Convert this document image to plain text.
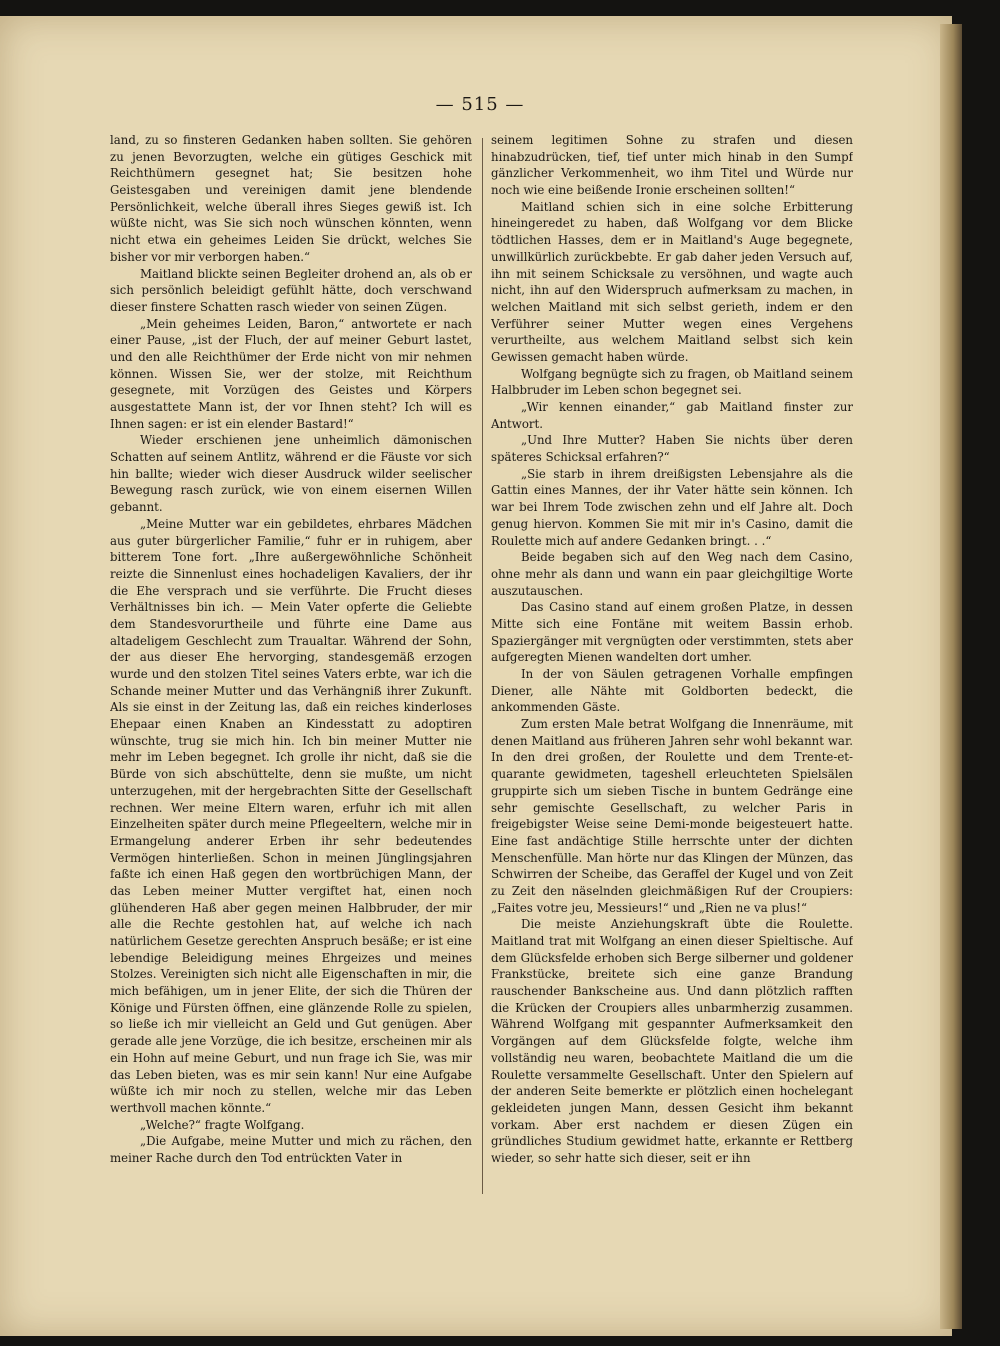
— 515 —

land, zu so finsteren Gedanken haben sollten. Sie gehören zu jenen Bevorzugten, welche ein gütiges Geschick mit Reichthümern gesegnet hat; Sie besitzen hohe Geistesgaben und vereinigen damit jene blendende Persönlichkeit, welche überall ihres Sieges gewiß ist. Ich wüßte nicht, was Sie sich noch wünschen könnten, wenn nicht etwa ein geheimes Leiden Sie drückt, welches Sie bisher vor mir verborgen haben.“

Maitland blickte seinen Begleiter drohend an, als ob er sich persönlich beleidigt gefühlt hätte, doch verschwand dieser finstere Schatten rasch wieder von seinen Zügen.

„Mein geheimes Leiden, Baron,“ antwortete er nach einer Pause, „ist der Fluch, der auf meiner Geburt lastet, und den alle Reichthümer der Erde nicht von mir nehmen können. Wissen Sie, wer der stolze, mit Reichthum gesegnete, mit Vorzügen des Geistes und Körpers ausgestattete Mann ist, der vor Ihnen steht? Ich will es Ihnen sagen: er ist ein elender Bastard!“

Wieder erschienen jene unheimlich dämonischen Schatten auf seinem Antlitz, während er die Fäuste vor sich hin ballte; wieder wich dieser Ausdruck wilder seelischer Bewegung rasch zurück, wie von einem eisernen Willen gebannt.

„Meine Mutter war ein gebildetes, ehrbares Mädchen aus guter bürgerlicher Familie,“ fuhr er in ruhigem, aber bitterem Tone fort. „Ihre außergewöhnliche Schönheit reizte die Sinnenlust eines hochadeligen Kavaliers, der ihr die Ehe versprach und sie verführte. Die Frucht dieses Verhältnisses bin ich. — Mein Vater opferte die Geliebte dem Standesvorurtheile und führte eine Dame aus altadeligem Geschlecht zum Traualtar. Während der Sohn, der aus dieser Ehe hervorging, standesgemäß erzogen wurde und den stolzen Titel seines Vaters erbte, war ich die Schande meiner Mutter und das Verhängniß ihrer Zukunft. Als sie einst in der Zeitung las, daß ein reiches kinderloses Ehepaar einen Knaben an Kindesstatt zu adoptiren wünschte, trug sie mich hin. Ich bin meiner Mutter nie mehr im Leben begegnet. Ich grolle ihr nicht, daß sie die Bürde von sich abschüttelte, denn sie mußte, um nicht unterzugehen, mit der hergebrachten Sitte der Gesellschaft rechnen. Wer meine Eltern waren, erfuhr ich mit allen Einzelheiten später durch meine Pflegeeltern, welche mir in Ermangelung anderer Erben ihr sehr bedeutendes Vermögen hinterließen. Schon in meinen Jünglingsjahren faßte ich einen Haß gegen den wortbrüchigen Mann, der das Leben meiner Mutter vergiftet hat, einen noch glühenderen Haß aber gegen meinen Halbbruder, der mir alle die Rechte gestohlen hat, auf welche ich nach natürlichem Gesetze gerechten Anspruch besäße; er ist eine lebendige Beleidigung meines Ehrgeizes und meines Stolzes. Vereinigten sich nicht alle Eigenschaften in mir, die mich befähigen, um in jener Elite, der sich die Thüren der Könige und Fürsten öffnen, eine glänzende Rolle zu spielen, so ließe ich mir vielleicht an Geld und Gut genügen. Aber gerade alle jene Vorzüge, die ich besitze, erscheinen mir als ein Hohn auf meine Geburt, und nun frage ich Sie, was mir das Leben bieten, was es mir sein kann! Nur eine Aufgabe wüßte ich mir noch zu stellen, welche mir das Leben werthvoll machen könnte.“

„Welche?“ fragte Wolfgang.

„Die Aufgabe, meine Mutter und mich zu rächen, den meiner Rache durch den Tod entrückten Vater in

seinem legitimen Sohne zu strafen und diesen hinabzudrücken, tief, tief unter mich hinab in den Sumpf gänzlicher Verkommenheit, wo ihm Titel und Würde nur noch wie eine beißende Ironie erscheinen sollten!“

Maitland schien sich in eine solche Erbitterung hineingeredet zu haben, daß Wolfgang vor dem Blicke tödtlichen Hasses, dem er in Maitland's Auge begegnete, unwillkürlich zurückbebte. Er gab daher jeden Versuch auf, ihn mit seinem Schicksale zu versöhnen, und wagte auch nicht, ihn auf den Widerspruch aufmerksam zu machen, in welchen Maitland mit sich selbst gerieth, indem er den Verführer seiner Mutter wegen eines Vergehens verurtheilte, aus welchem Maitland selbst sich kein Gewissen gemacht haben würde.

Wolfgang begnügte sich zu fragen, ob Maitland seinem Halbbruder im Leben schon begegnet sei.

„Wir kennen einander,“ gab Maitland finster zur Antwort.

„Und Ihre Mutter? Haben Sie nichts über deren späteres Schicksal erfahren?“

„Sie starb in ihrem dreißigsten Lebensjahre als die Gattin eines Mannes, der ihr Vater hätte sein können. Ich war bei Ihrem Tode zwischen zehn und elf Jahre alt. Doch genug hiervon. Kommen Sie mit mir in's Casino, damit die Roulette mich auf andere Gedanken bringt. . .“

Beide begaben sich auf den Weg nach dem Casino, ohne mehr als dann und wann ein paar gleichgiltige Worte auszutauschen.

Das Casino stand auf einem großen Platze, in dessen Mitte sich eine Fontäne mit weitem Bassin erhob. Spaziergänger mit vergnügten oder verstimmten, stets aber aufgeregten Mienen wandelten dort umher.

In der von Säulen getragenen Vorhalle empfingen Diener, alle Nähte mit Goldborten bedeckt, die ankommenden Gäste.

Zum ersten Male betrat Wolfgang die Innenräume, mit denen Maitland aus früheren Jahren sehr wohl bekannt war. In den drei großen, der Roulette und dem Trente-et-quarante gewidmeten, tageshell erleuchteten Spielsälen gruppirte sich um sieben Tische in buntem Gedränge eine sehr gemischte Gesellschaft, zu welcher Paris in freigebigster Weise seine Demi-monde beigesteuert hatte. Eine fast andächtige Stille herrschte unter der dichten Menschenfülle. Man hörte nur das Klingen der Münzen, das Schwirren der Scheibe, das Geraffel der Kugel und von Zeit zu Zeit den näselnden gleichmäßigen Ruf der Croupiers: „Faites votre jeu, Messieurs!“ und „Rien ne va plus!“

Die meiste Anziehungskraft übte die Roulette. Maitland trat mit Wolfgang an einen dieser Spieltische. Auf dem Glücksfelde erhoben sich Berge silberner und goldener Frankstücke, breitete sich eine ganze Brandung rauschender Bankscheine aus. Und dann plötzlich rafften die Krücken der Croupiers alles unbarmherzig zusammen. Während Wolfgang mit gespannter Aufmerksamkeit den Vorgängen auf dem Glücksfelde folgte, welche ihm vollständig neu waren, beobachtete Maitland die um die Roulette versammelte Gesellschaft. Unter den Spielern auf der anderen Seite bemerkte er plötzlich einen hochelegant gekleideten jungen Mann, dessen Gesicht ihm bekannt vorkam. Aber erst nachdem er diesen Zügen ein gründliches Studium gewidmet hatte, erkannte er Rettberg wieder, so sehr hatte sich dieser, seit er ihn
